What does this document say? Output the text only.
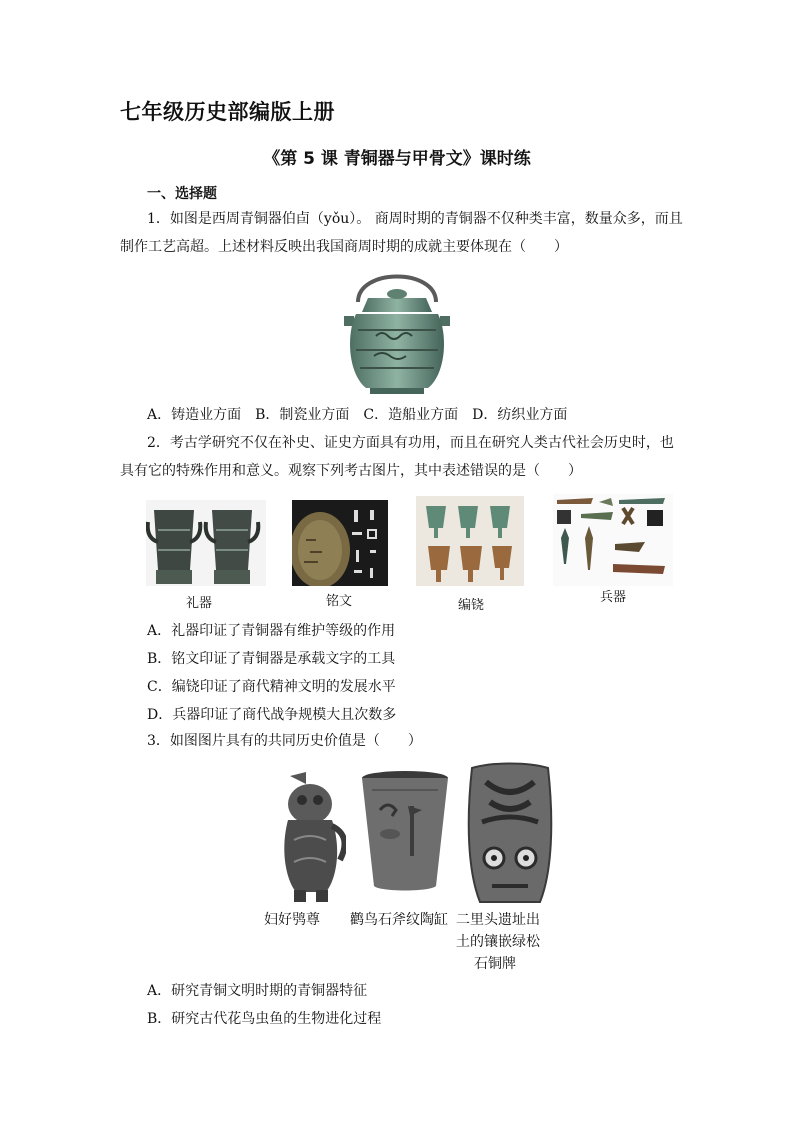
七年级历史部编版上册
《第 5 课 青铜器与甲骨文》课时练
一、选择题
1．如图是西周青铜器伯卣（yǒu）。 商周时期的青铜器不仅种类丰富，数量众多，而且
制作工艺高超。上述材料反映出我国商周时期的成就主要体现在（　　）
A．铸造业方面　B．制瓷业方面　C．造船业方面　D．纺织业方面
2．考古学研究不仅在补史、证史方面具有功用，而且在研究人类古代社会历史时，也
具有它的特殊作用和意义。观察下列考古图片，其中表述错误的是（　　）
礼器	铭文	编铙
兵器
A．礼器印证了青铜器有维护等级的作用
B．铭文印证了青铜器是承载文字的工具
C．编铙印证了商代精神文明的发展水平
D．兵器印证了商代战争规模大且次数多
3．如图图片具有的共同历史价值是（　　）
妇好鸮尊 鹳鸟石斧纹陶缸 二里头遗址出
土的镶嵌绿松
石铜牌
A．研究青铜文明时期的青铜器特征
B．研究古代花鸟虫鱼的生物进化过程
